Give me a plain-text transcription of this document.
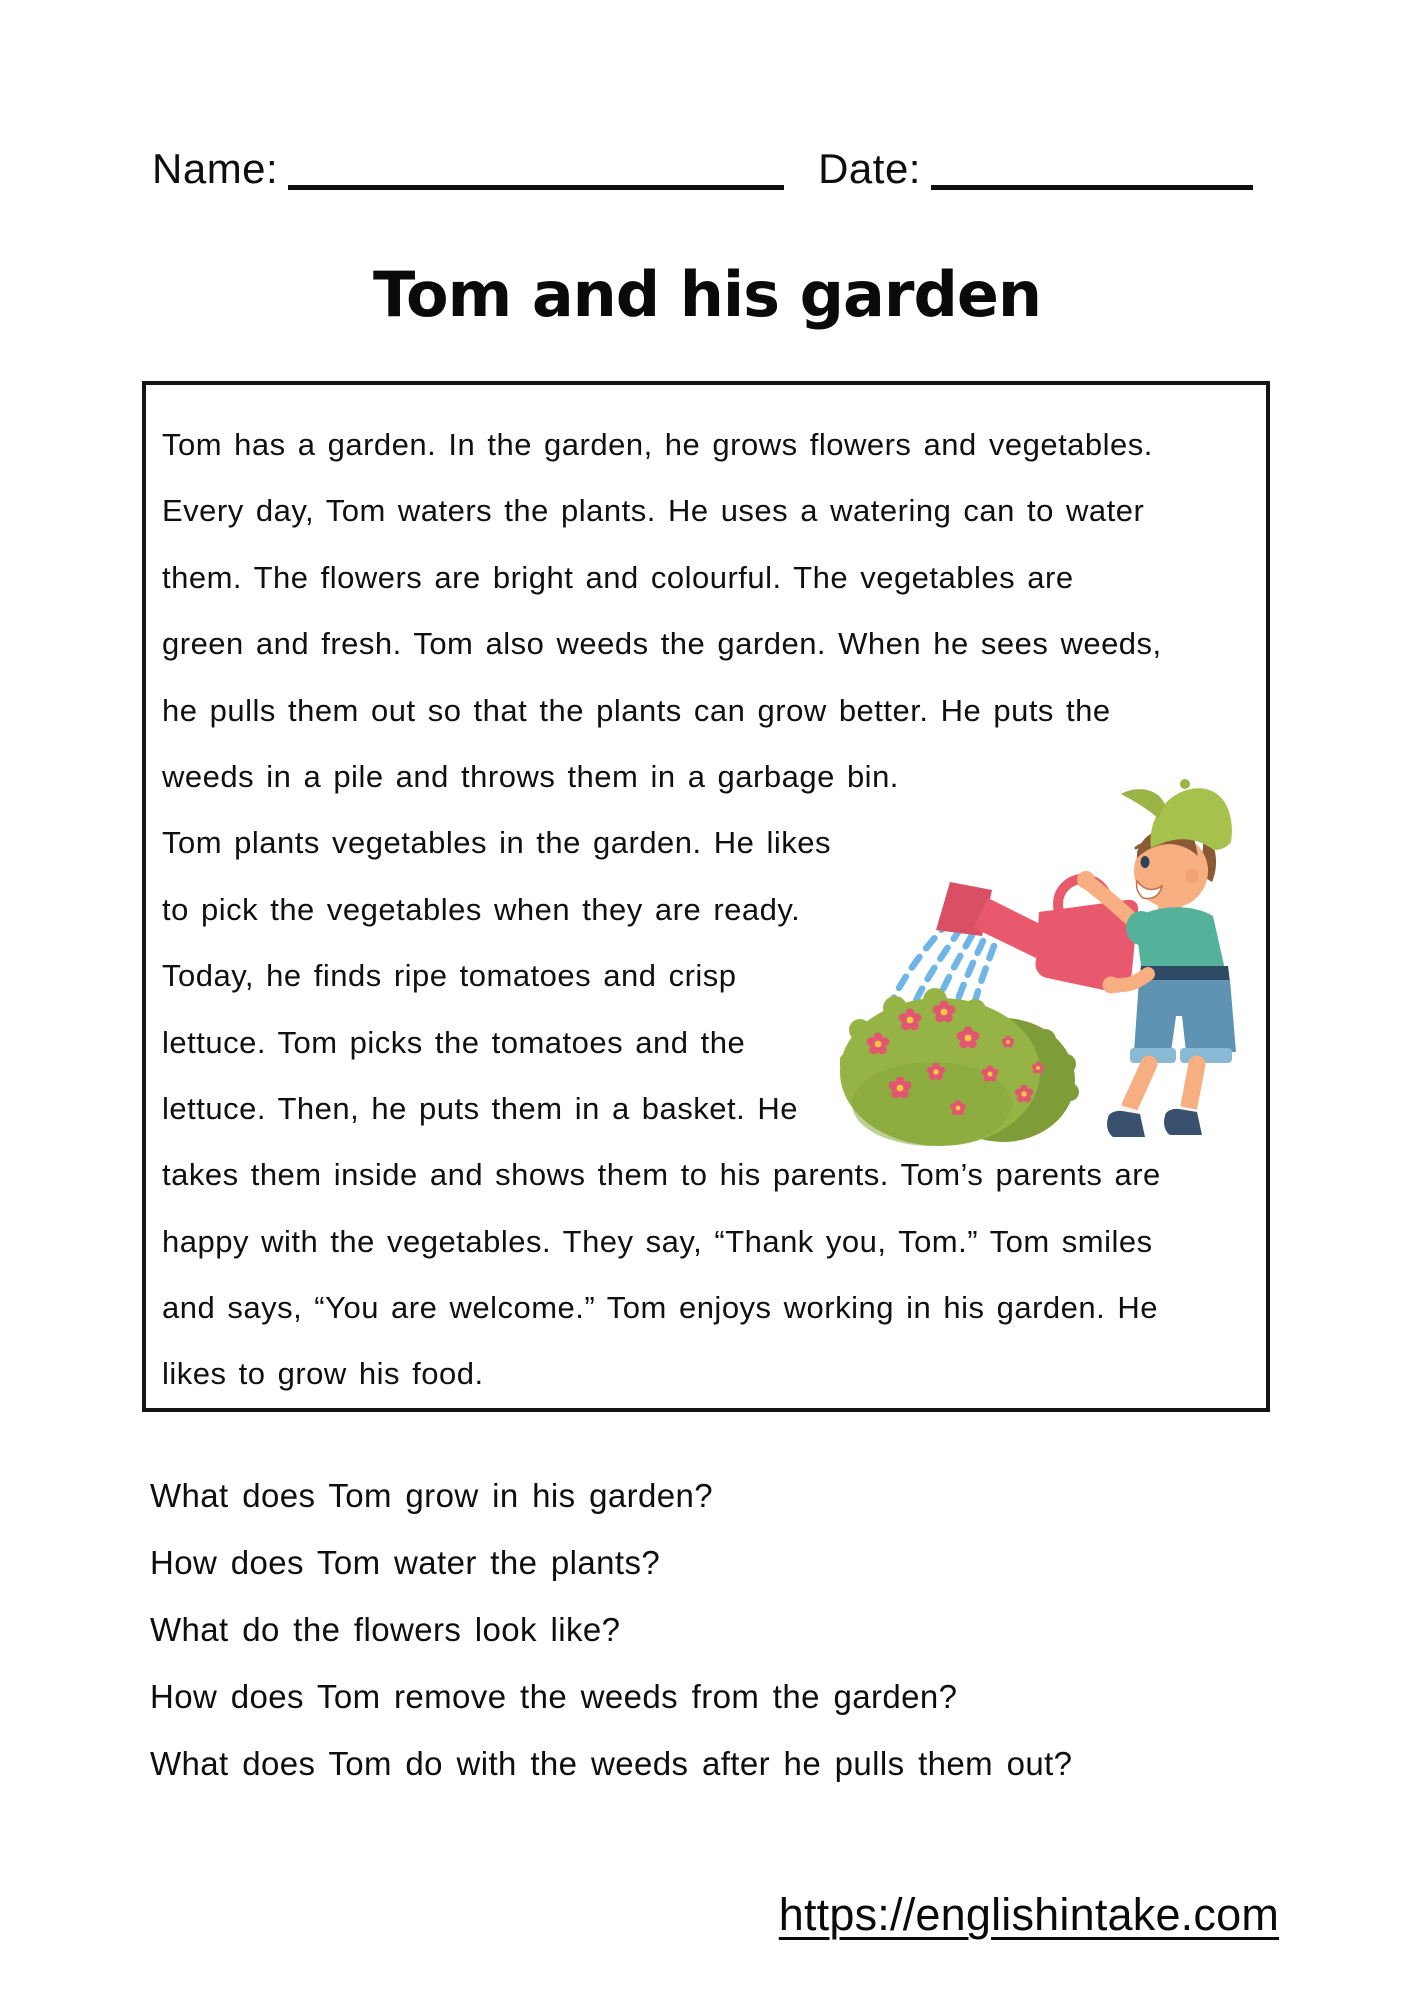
Name:	Date:
Tom and his garden
Tom has a garden. In the garden, he grows flowers and vegetables.
Every day, Tom waters the plants. He uses a watering can to water
them. The flowers are bright and colourful. The vegetables are
green and fresh. Tom also weeds the garden. When he sees weeds,
he pulls them out so that the plants can grow better. He puts the
weeds in a pile and throws them in a garbage bin.
Tom plants vegetables in the garden. He likes
to pick the vegetables when they are ready.
Today, he finds ripe tomatoes and crisp
lettuce. Tom picks the tomatoes and the
lettuce. Then, he puts them in a basket. He
takes them inside and shows them to his parents. Tom’s parents are
happy with the vegetables. They say, “Thank you, Tom.” Tom smiles
and says, “You are welcome.” Tom enjoys working in his garden. He
likes to grow his food.
What does Tom grow in his garden?
How does Tom water the plants?
What do the flowers look like?
How does Tom remove the weeds from the garden?
What does Tom do with the weeds after he pulls them out?
https://englishintake.com
